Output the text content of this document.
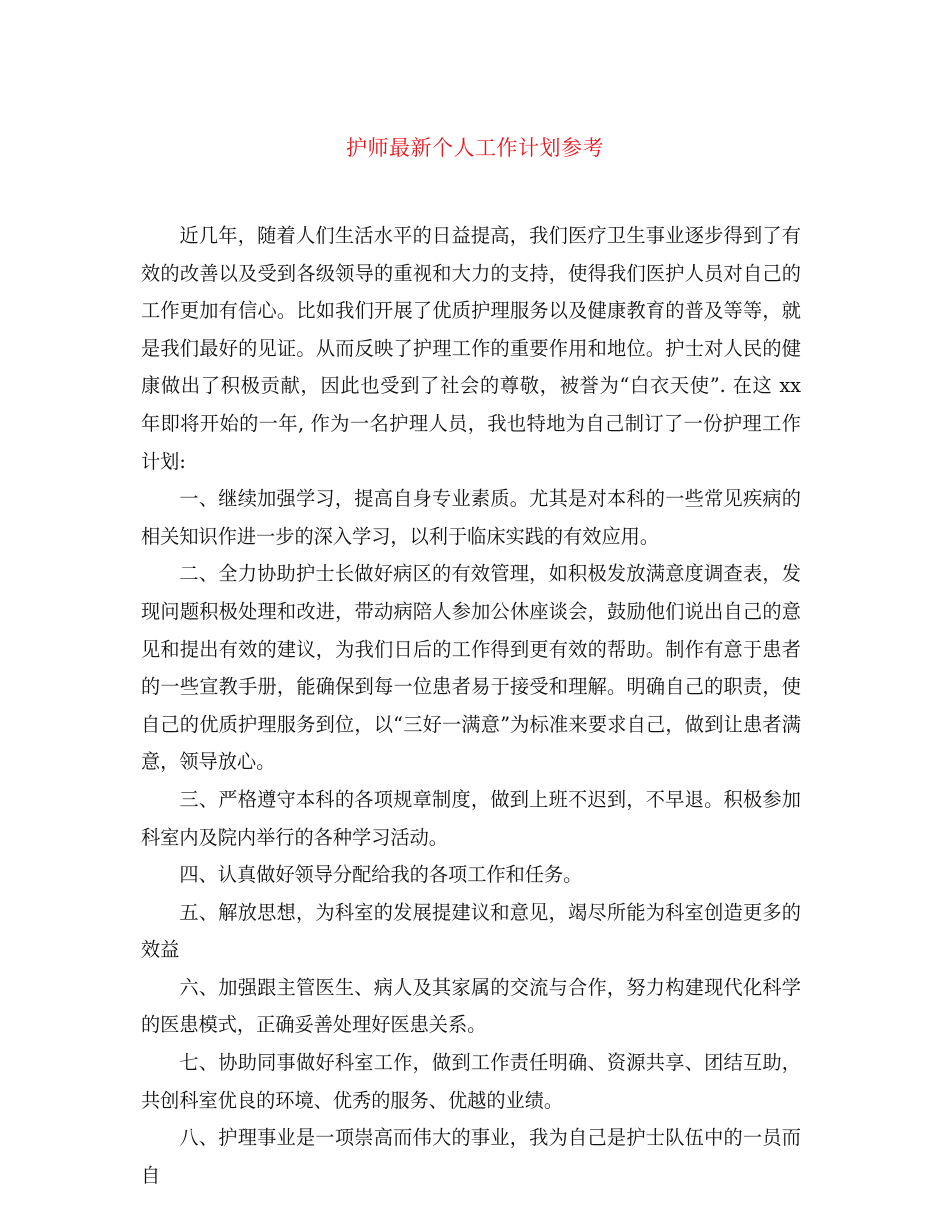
护师最新个人工作计划参考

近几年，随着人们生活水平的日益提高，我们医疗卫生事业逐步得到了有效的改善以及受到各级领导的重视和大力的支持，使得我们医护人员对自己的工作更加有信心。比如我们开展了优质护理服务以及健康教育的普及等等，就是我们最好的见证。从而反映了护理工作的重要作用和地位。护士对人民的健康做出了积极贡献，因此也受到了社会的尊敬，被誉为“白衣天使”. 在这 xx 年即将开始的一年, 作为一名护理人员，我也特地为自己制订了一份护理工作计划:

一、继续加强学习，提高自身专业素质。尤其是对本科的一些常见疾病的相关知识作进一步的深入学习，以利于临床实践的有效应用。

二、全力协助护士长做好病区的有效管理，如积极发放满意度调查表，发现问题积极处理和改进，带动病陪人参加公休座谈会，鼓励他们说出自己的意见和提出有效的建议，为我们日后的工作得到更有效的帮助。制作有意于患者的一些宣教手册，能确保到每一位患者易于接受和理解。明确自己的职责，使自己的优质护理服务到位，以“三好一满意”为标准来要求自己，做到让患者满意，领导放心。

三、严格遵守本科的各项规章制度，做到上班不迟到，不早退。积极参加科室内及院内举行的各种学习活动。

四、认真做好领导分配给我的各项工作和任务。

五、解放思想，为科室的发展提建议和意见，竭尽所能为科室创造更多的效益

六、加强跟主管医生、病人及其家属的交流与合作，努力构建现代化科学的医患模式，正确妥善处理好医患关系。

七、协助同事做好科室工作，做到工作责任明确、资源共享、团结互助，共创科室优良的环境、优秀的服务、优越的业绩。

八、护理事业是一项崇高而伟大的事业，我为自己是护士队伍中的一员而自
